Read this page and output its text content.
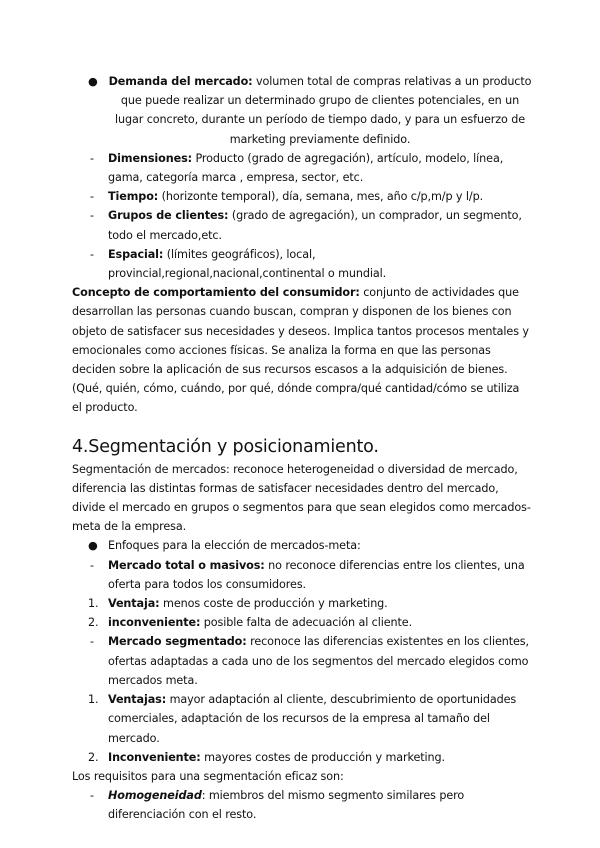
● Demanda del mercado: volumen total de compras relativas a un producto que puede realizar un determinado grupo de clientes potenciales, en un lugar concreto, durante un período de tiempo dado, y para un esfuerzo de marketing previamente definido.
- Dimensiones: Producto (grado de agregación), artículo, modelo, línea, gama, categoría marca , empresa, sector, etc.
- Tiempo: (horizonte temporal), día, semana, mes, año c/p,m/p y l/p.
- Grupos de clientes: (grado de agregación), un comprador, un segmento, todo el mercado,etc.
- Espacial: (límites geográficos), local, provincial,regional,nacional,continental o mundial.

Concepto de comportamiento del consumidor: conjunto de actividades que desarrollan las personas cuando buscan, compran y disponen de los bienes con objeto de satisfacer sus necesidades y deseos. Implica tantos procesos mentales y emocionales como acciones físicas. Se analiza la forma en que las personas deciden sobre la aplicación de sus recursos escasos a la adquisición de bienes. (Qué, quién, cómo, cuándo, por qué, dónde compra/qué cantidad/cómo se utiliza el producto.

4.Segmentación y posicionamiento.

Segmentación de mercados: reconoce heterogeneidad o diversidad de mercado, diferencia las distintas formas de satisfacer necesidades dentro del mercado, divide el mercado en grupos o segmentos para que sean elegidos como mercados-meta de la empresa.

● Enfoques para la elección de mercados-meta:
- Mercado total o masivos: no reconoce diferencias entre los clientes, una oferta para todos los consumidores.
1. Ventaja: menos coste de producción y marketing.
2. inconveniente: posible falta de adecuación al cliente.
- Mercado segmentado: reconoce las diferencias existentes en los clientes, ofertas adaptadas a cada uno de los segmentos del mercado elegidos como mercados meta.
1. Ventajas: mayor adaptación al cliente, descubrimiento de oportunidades comerciales, adaptación de los recursos de la empresa al tamaño del mercado.
2. Inconveniente: mayores costes de producción y marketing.

Los requisitos para una segmentación eficaz son:

- Homogeneidad: miembros del mismo segmento similares pero diferenciación con el resto.
